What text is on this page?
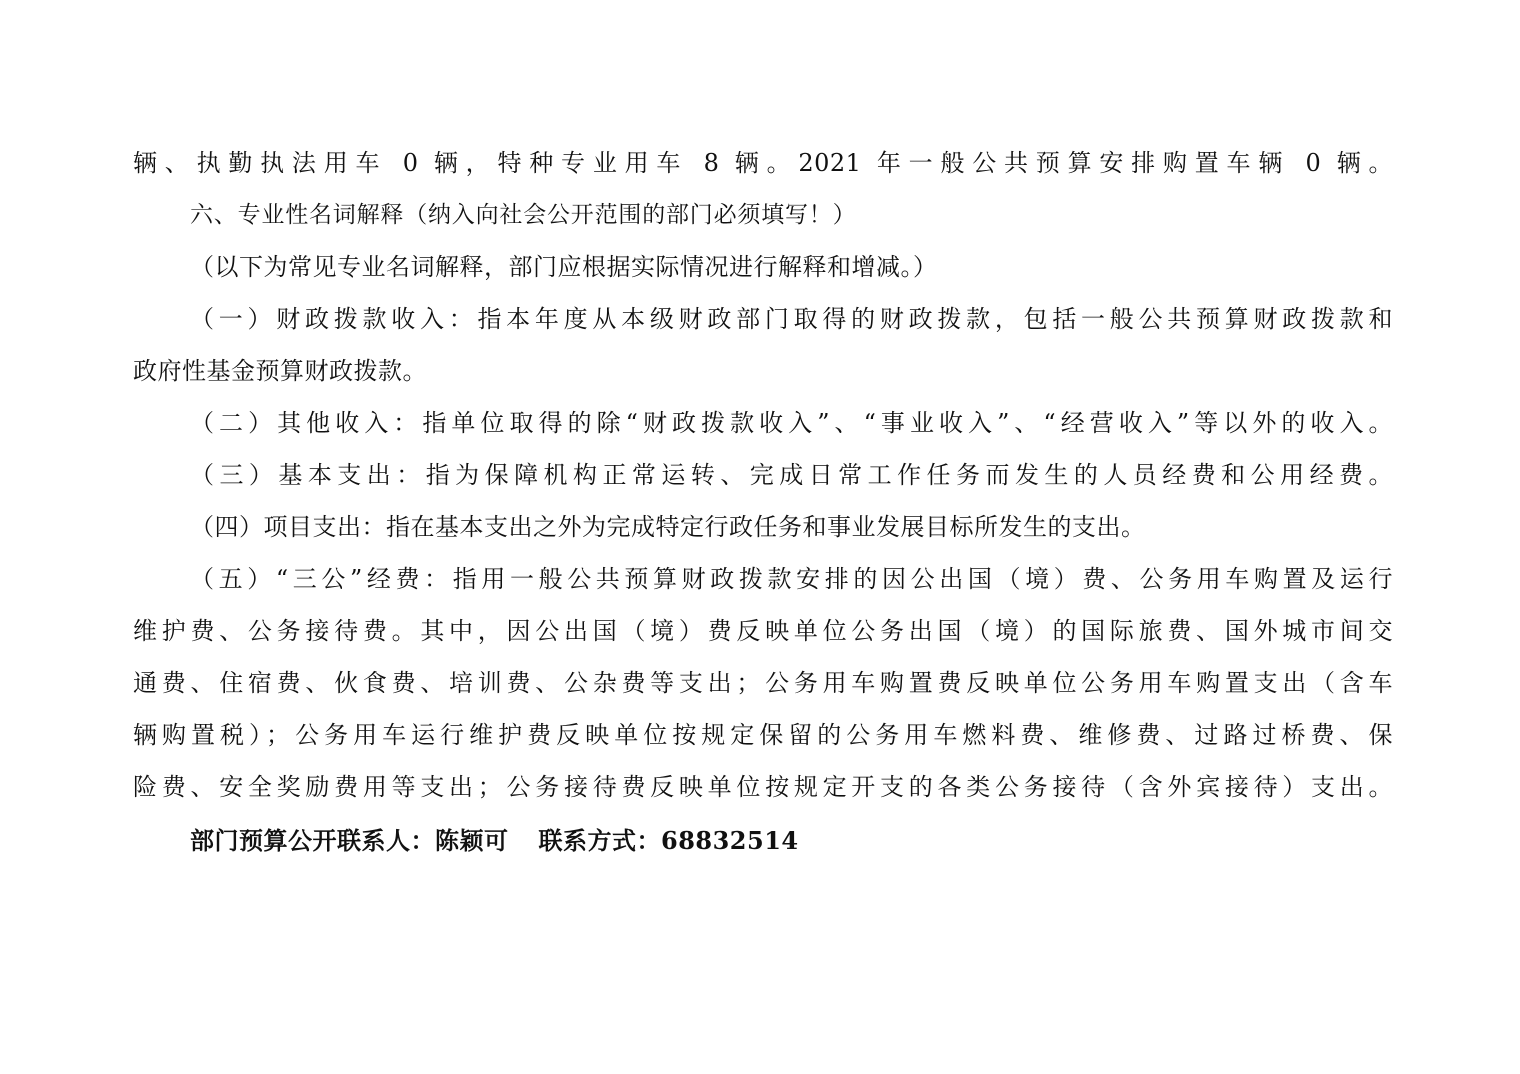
辆、执勤执法用车 0 辆，特种专业用车 8 辆。2021 年一般公共预算安排购置车辆 0 辆。
六、专业性名词解释（纳入向社会公开范围的部门必须填写！）
（以下为常见专业名词解释，部门应根据实际情况进行解释和增减。）
（一）财政拨款收入：指本年度从本级财政部门取得的财政拨款，包括一般公共预算财政拨款和
政府性基金预算财政拨款。
（二）其他收入：指单位取得的除“财政拨款收入”、“事业收入”、“经营收入”等以外的收入。
（三）基本支出：指为保障机构正常运转、完成日常工作任务而发生的人员经费和公用经费。
（四）项目支出：指在基本支出之外为完成特定行政任务和事业发展目标所发生的支出。
（五）“三公”经费：指用一般公共预算财政拨款安排的因公出国（境）费、公务用车购置及运行
维护费、公务接待费。其中，因公出国（境）费反映单位公务出国（境）的国际旅费、国外城市间交
通费、住宿费、伙食费、培训费、公杂费等支出；公务用车购置费反映单位公务用车购置支出（含车
辆购置税）；公务用车运行维护费反映单位按规定保留的公务用车燃料费、维修费、过路过桥费、保
险费、安全奖励费用等支出；公务接待费反映单位按规定开支的各类公务接待（含外宾接待）支出。
部门预算公开联系人：陈颖可 联系方式：68832514
